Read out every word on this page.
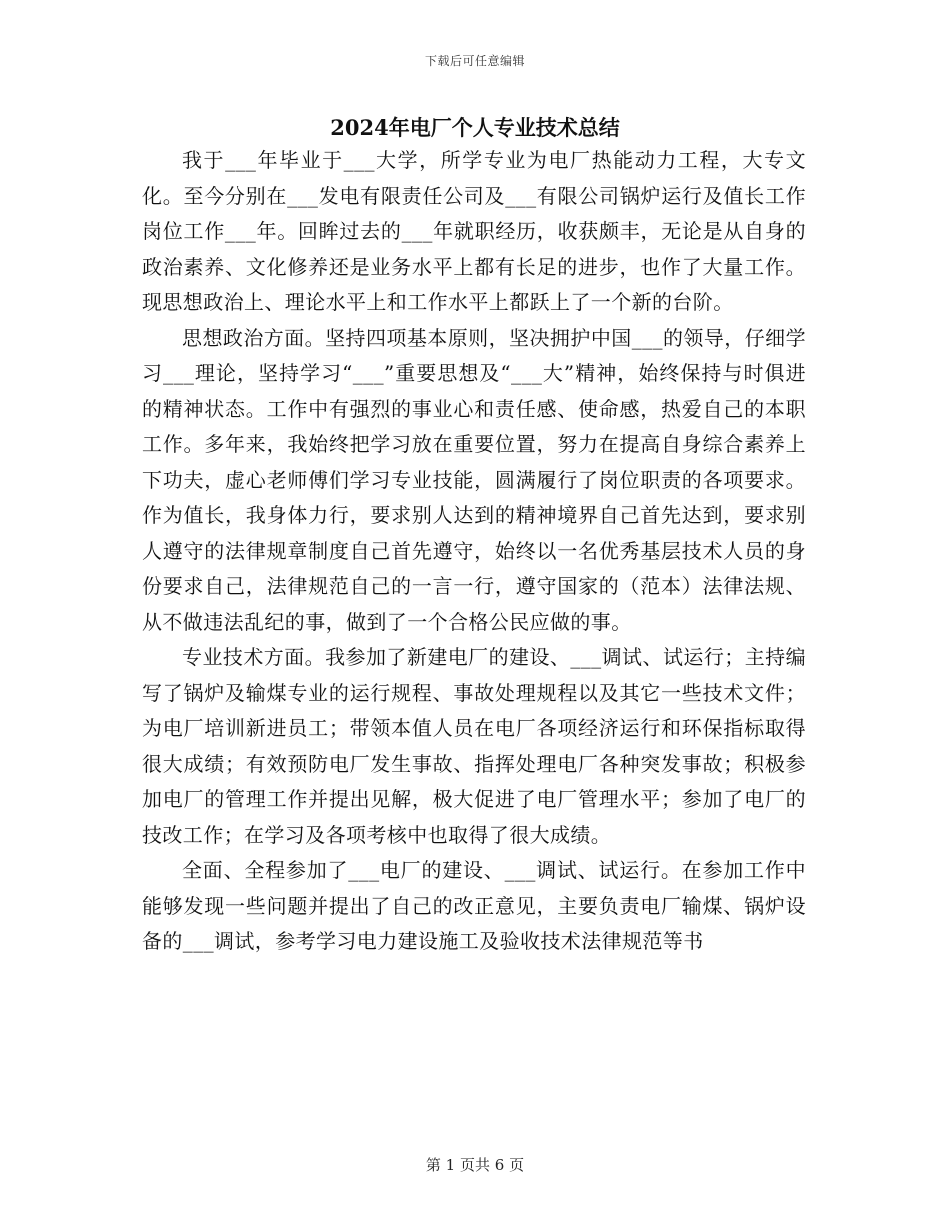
下载后可任意编辑
2024年电厂个人专业技术总结

我于___年毕业于___大学，所学专业为电厂热能动力工程，大专文化。至今分别在___发电有限责任公司及___有限公司锅炉运行及值长工作岗位工作___年。回眸过去的___年就职经历，收获颇丰，无论是从自身的政治素养、文化修养还是业务水平上都有长足的进步，也作了大量工作。现思想政治上、理论水平上和工作水平上都跃上了一个新的台阶。

思想政治方面。坚持四项基本原则，坚决拥护中国___的领导，仔细学习___理论，坚持学习“___”重要思想及“___大”精神，始终保持与时俱进的精神状态。工作中有强烈的事业心和责任感、使命感，热爱自己的本职工作。多年来，我始终把学习放在重要位置，努力在提高自身综合素养上下功夫，虚心老师傅们学习专业技能，圆满履行了岗位职责的各项要求。作为值长，我身体力行，要求别人达到的精神境界自己首先达到，要求别人遵守的法律规章制度自己首先遵守，始终以一名优秀基层技术人员的身份要求自己，法律规范自己的一言一行，遵守国家的（范本）法律法规、从不做违法乱纪的事，做到了一个合格公民应做的事。

专业技术方面。我参加了新建电厂的建设、___调试、试运行；主持编写了锅炉及输煤专业的运行规程、事故处理规程以及其它一些技术文件；为电厂培训新进员工；带领本值人员在电厂各项经济运行和环保指标取得很大成绩；有效预防电厂发生事故、指挥处理电厂各种突发事故；积极参加电厂的管理工作并提出见解，极大促进了电厂管理水平；参加了电厂的技改工作；在学习及各项考核中也取得了很大成绩。

全面、全程参加了___电厂的建设、___调试、试运行。在参加工作中能够发现一些问题并提出了自己的改正意见，主要负责电厂输煤、锅炉设备的___调试，参考学习电力建设施工及验收技术法律规范等书

第 1 页共 6 页
